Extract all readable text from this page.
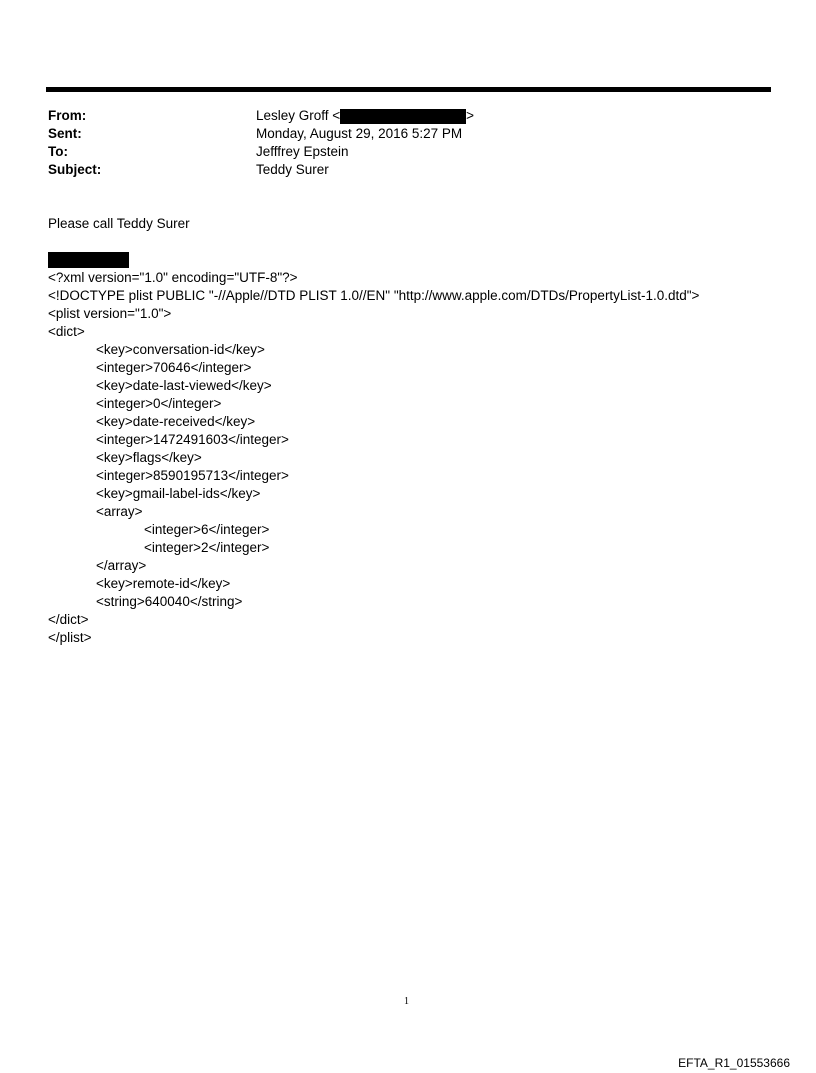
From:	Lesley Groff <	>
Sent:	Monday, August 29, 2016 5:27 PM
To:	Jefffrey Epstein
Subject:	Teddy Surer
Please call Teddy Surer
<?xml version="1.0" encoding="UTF-8"?>
<!DOCTYPE plist PUBLIC "-//Apple//DTD PLIST 1.0//EN" "http://www.apple.com/DTDs/PropertyList-1.0.dtd">
<plist version="1.0">
<dict>
<key>conversation-id</key>
<integer>70646</integer>
<key>date-last-viewed</key>
<integer>0</integer>
<key>date-received</key>
<integer>1472491603</integer>
<key>flags</key>
<integer>8590195713</integer>
<key>gmail-label-ids</key>
<array>
<integer>6</integer>
<integer>2</integer>
</array>
<key>remote-id</key>
<string>640040</string>
</dict>
</plist>
1
EFTA_R1_01553666
